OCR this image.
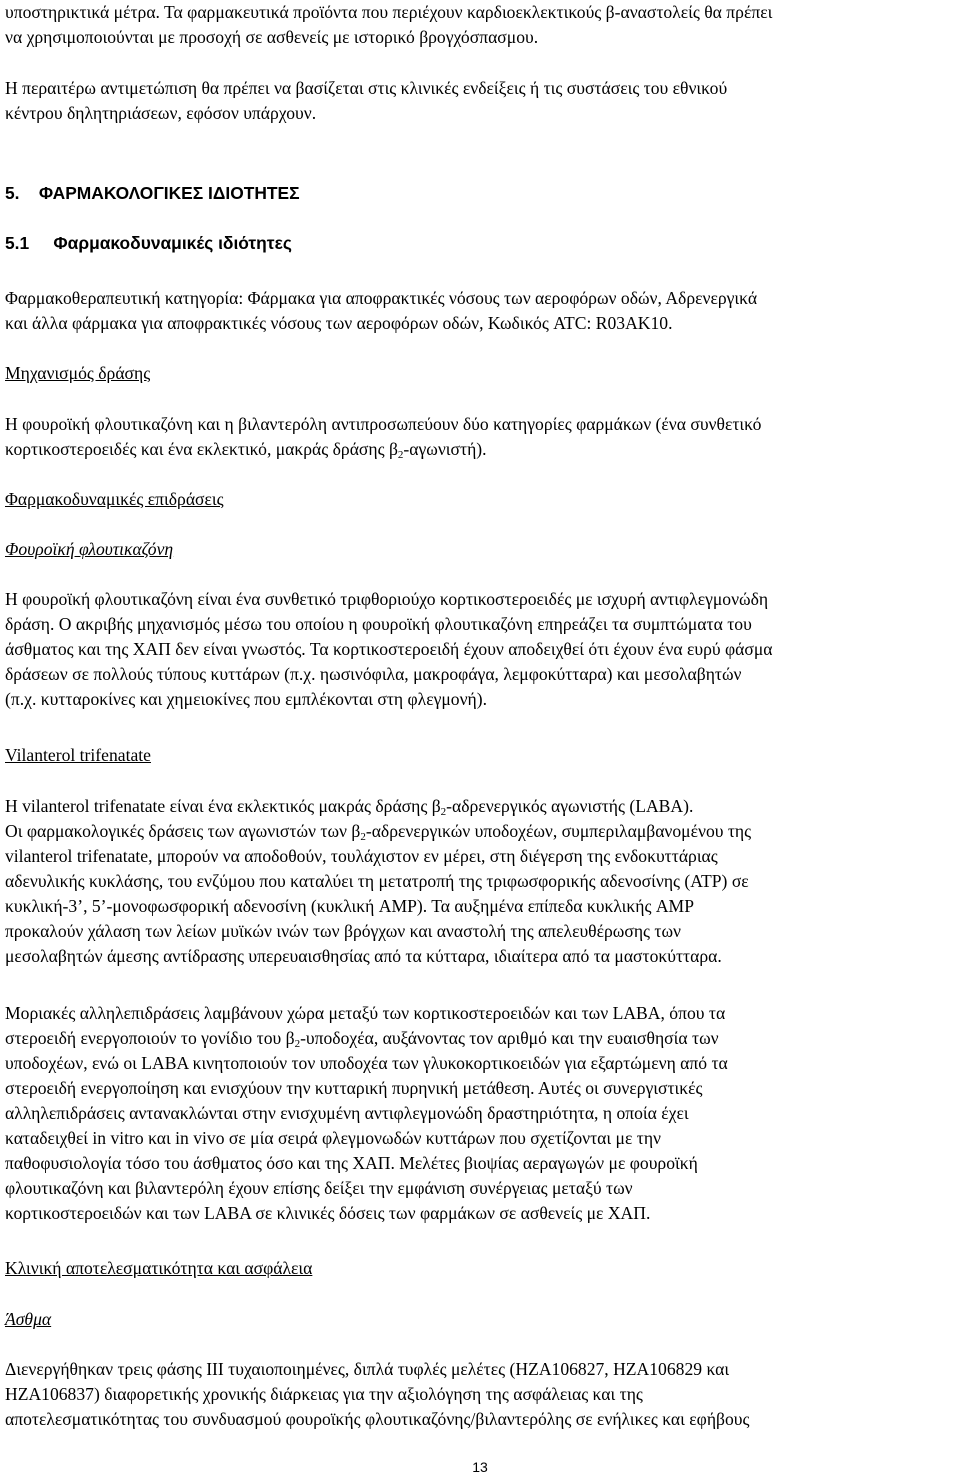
υποστηρικτικά μέτρα. Τα φαρμακευτικά προϊόντα που περιέχουν καρδιοεκλεκτικούς β-αναστολείς θα πρέπει

να χρησιμοποιούνται με προσοχή σε ασθενείς με ιστορικό βρογχόσπασμου.

Η περαιτέρω αντιμετώπιση θα πρέπει να βασίζεται στις κλινικές ενδείξεις ή τις συστάσεις του εθνικού

κέντρου δηλητηριάσεων, εφόσον υπάρχουν.

5. ΦΑΡΜΑΚΟΛΟΓΙΚΕΣ ΙΔΙΟΤΗΤΕΣ
5.1 Φαρμακοδυναμικές ιδιότητες

Φαρμακοθεραπευτική κατηγορία: Φάρμακα για αποφρακτικές νόσους των αεροφόρων οδών, Αδρενεργικά

και άλλα φάρμακα για αποφρακτικές νόσους των αεροφόρων οδών, Κωδικός ATC: R03AK10.

Μηχανισμός δράσης

Η φουροϊκή φλουτικαζόνη και η βιλαντερόλη αντιπροσωπεύουν δύο κατηγορίες φαρμάκων (ένα συνθετικό

κορτικοστεροειδές και ένα εκλεκτικό, μακράς δράσης $\beta_2-\alpha\gamma\omega\nu\iota\sigma\tau ή$).

Φαρμακοδυναμικές επιδράσεις
Φουροϊκή φλουτικαζόνη

Η φουροϊκή φλουτικαζόνη είναι ένα συνθετικό τριφθοριούχο κορτικοστεροειδές με ισχυρή αντιφλεγμονώδη

δράση. Ο ακριβής μηχανισμός μέσω του οποίου η φουροϊκή φλουτικαζόνη επηρεάζει τα συμπτώματα του

άσθματος και της ΧΑΠ δεν είναι γνωστός. Τα κορτικοστεροειδή έχουν αποδειχθεί ότι έχουν ένα ευρύ φάσμα

δράσεων σε πολλούς τύπους κυττάρων (π.χ. ηωσινόφιλα, μακροφάγα, λεμφοκύτταρα) και μεσολαβητών

(π.χ. κυτταροκίνες και χημειοκίνες που εμπλέκονται στη φλεγμονή).

Vilanterol trifenatate

Η vilanterol trifenatate είναι ένα εκλεκτικός μακράς δράσης $\beta_2$-αδρενεργικός αγωνιστής (LABA).

Οι φαρμακολογικές δράσεις των αγωνιστών των $\beta_2$-αδρενεργικών υποδοχέων, συμπεριλαμβανομένου της

vilanterol trifenatate, μπορούν να αποδοθούν, τουλάχιστον εν μέρει, στη διέγερση της ενδοκυττάριας

αδενυλικής κυκλάσης, του ενζύμου που καταλύει τη μετατροπή της τριφωσφορικής αδενοσίνης (ATP) σε

κυκλική-3’, 5’-μονοφωσφορική αδενοσίνη (κυκλική AMP). Τα αυξημένα επίπεδα κυκλικής AMP

προκαλούν χάλαση των λείων μυϊκών ινών των βρόγχων και αναστολή της απελευθέρωσης των

μεσολαβητών άμεσης αντίδρασης υπερευαισθησίας από τα κύτταρα, ιδιαίτερα από τα μαστοκύτταρα.

Μοριακές αλληλεπιδράσεις λαμβάνουν χώρα μεταξύ των κορτικοστεροειδών και των LABA, όπου τα

στεροειδή ενεργοποιούν το γονίδιο του $\beta_2$-υποδοχέα, αυξάνοντας τον αριθμό και την ευαισθησία των

υποδοχέων, ενώ οι LABA κινητοποιούν τον υποδοχέα των γλυκοκορτικοειδών για εξαρτώμενη από τα

στεροειδή ενεργοποίηση και ενισχύουν την κυτταρική πυρηνική μετάθεση. Αυτές οι συνεργιστικές

αλληλεπιδράσεις αντανακλώνται στην ενισχυμένη αντιφλεγμονώδη δραστηριότητα, η οποία έχει

καταδειχθεί in vitro και in vivo σε μία σειρά φλεγμονωδών κυττάρων που σχετίζονται με την

παθοφυσιολογία τόσο του άσθματος όσο και της ΧΑΠ. Μελέτες βιοψίας αεραγωγών με φουροϊκή

φλουτικαζόνη και βιλαντερόλη έχουν επίσης δείξει την εμφάνιση συνέργειας μεταξύ των

κορτικοστεροειδών και των LABA σε κλινικές δόσεις των φαρμάκων σε ασθενείς με ΧΑΠ.

Κλινική αποτελεσματικότητα και ασφάλεια
Άσθμα

Διενεργήθηκαν τρεις φάσης III τυχαιοποιημένες, διπλά τυφλές μελέτες (HZA106827, HZA106829 και

HZA106837) διαφορετικής χρονικής διάρκειας για την αξιολόγηση της ασφάλειας και της

αποτελεσματικότητας του συνδυασμού φουροϊκής φλουτικαζόνης/βιλαντερόλης σε ενήλικες και εφήβους

13
